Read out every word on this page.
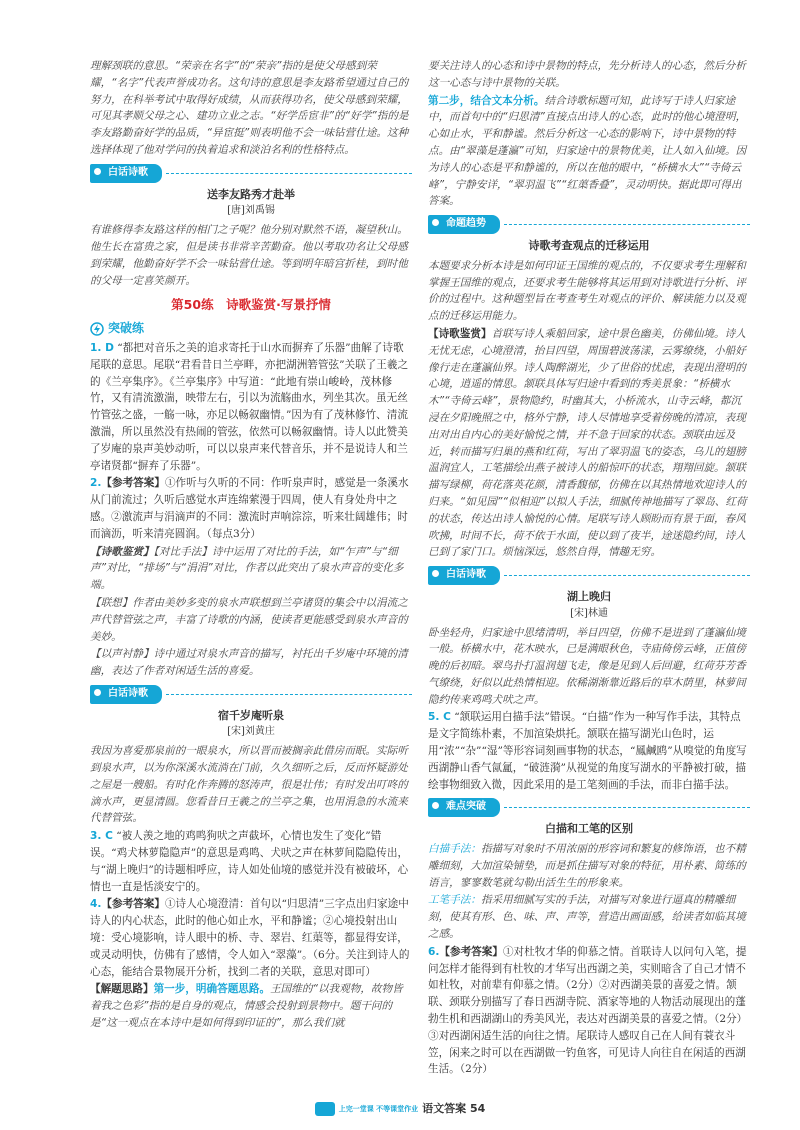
理解颈联的意思。“荣亲在名字”的“荣亲”指的是使父母感到荣耀，“名字”代表声誉成功名。这句诗的意思是李友路希望通过自己的努力，在科举考试中取得好成绩，从而获得功名，使父母感到荣耀，可见其孝顺父母之心、建功立业之志。“好学岳宦非”的“好学”指的是李友路勤奋好学的品质，“异宦挺”则表明他不会一味钻营仕途。这种选择体现了他对学问的执着追求和淡泊名利的性格特点。

白话诗歌
送李友路秀才赴举
[唐]刘禹锡

有谁修得李友路这样的相门之子呢？他分别对默然不语，凝望秋山。他生长在富贵之家，但是读书非常辛苦勤奋。他以考取功名让父母感到荣耀，他勤奋好学不会一味钻营仕途。等到明年暗宫折桂，到时他的父母一定喜笑颜开。

第50练　诗歌鉴赏·写景抒情
突破练

1. D “都把对音乐之美的追求寄托于山水而摒弃了乐器”曲解了诗歌尾联的意思。尾联“君看昔日兰亭畔，亦把湖洲箬管弦”关联了王羲之的《兰亭集序》。《兰亭集序》中写道：“此地有崇山峻岭，茂林修竹，又有清流激湍，映带左右，引以为流觞曲水，列坐其次。虽无丝竹管弦之盛，一觞一咏，亦足以畅叙幽情。”因为有了茂林修竹、清流激湍，所以虽然没有热闹的管弦，依然可以畅叙幽情。诗人以此赞美了岁庵的泉声美妙动听，可以以泉声来代替音乐，并不是说诗人和兰亭诸贤都“摒弃了乐器”。

2.【参考答案】①作听与久听的不同：作听泉声时，感觉是一条溪水从门前流过；久听后感觉水声连绵萦漫于四周，使人有身处舟中之感。②激流声与涓滴声的不同：激流时声响淙淙，听来壮阔雄伟；时而滴沥，听来清亮圆润。（每点3分）

【诗歌鉴赏】【对比手法】诗中运用了对比的手法，如“乍声”与“细声”对比，“排场”与“涓涓”对比，作者以此突出了泉水声音的变化多端。

【联想】作者由美妙多变的泉水声联想到兰亭诸贤的集会中以涓流之声代替管弦之声，丰富了诗歌的内涵，使读者更能感受到泉水声音的美妙。

【以声衬静】诗中通过对泉水声音的描写，衬托出千岁庵中环境的清幽，表达了作者对闲适生活的喜爱。

白话诗歌
宿千岁庵听泉
[宋]刘黄庄

我因为喜爱那泉前的一眼泉水，所以晋而被搁亲此借房而眠。实际听到泉水声，以为你深溪水流淌在门前，久久细听之后，反而怀疑游处之屋是一艘船。有时化作奔腾的怒涛声，很是壮伟；有时发出叮咚的滴水声，更显清圆。您看昔日王羲之的兰亭之集，也用涓急的水流来代替管弦。

3. C “被人羡之地的鸡鸣狗吠之声截坏，心情也发生了变化”错误。“鸡犬林萝隐隐声”的意思是鸡鸣、犬吠之声在林萝间隐隐传出，与“湖上晚归”的诗题相呼应，诗人如处仙境的感觉并没有被破坏，心情也一直是恬淡安宁的。

4.【参考答案】①诗人心境澄清：首句以“归思清”三字点出归家途中诗人的内心状态，此时的他心如止水，平和静谧；②心境投射出山境：受心境影响，诗人眼中的桥、寺、翠岩、红蕖等，都显得安详，或灵动明快，仿佛有了感情，令人如入“翠藻”。（6分。关注到诗人的心态，能结合景物展开分析，找到二者的关联，意思对即可）

【解题思路】第一步，明确答题思路。王国维的“以我观物，故物皆着我之色彩”指的是自身的观点，情感会投射到景物中。题干问的是“这一观点在本诗中是如何得到印证的”，那么我们就

要关注诗人的心态和诗中景物的特点，先分析诗人的心态，然后分析这一心态与诗中景物的关联。

第二步，结合文本分析。结合诗歌标题可知，此诗写于诗人归家途中，而首句中的“归思清”直接点出诗人的心态，此时的他心境澄明，心如止水，平和静谧。然后分析这一心态的影响下，诗中景物的特点。由“翠藻是蓬瀛”可知，归家途中的景物优美，让人如入仙境。因为诗人的心态是平和静谧的，所以在他的眼中，“桥横水大”“寺倚云峰”，宁静安详，“翠羽温飞”“红蕖香叠”，灵动明快。据此即可得出答案。

命题趋势
诗歌考查观点的迁移运用

本题要求分析本诗是如何印证王国维的观点的，不仅要求考生理解和掌握王国维的观点，还要求考生能够将其运用到对诗歌进行分析、评价的过程中。这种题型旨在考查考生对观点的评价、解读能力以及观点的迁移运用能力。

【诗歌鉴赏】首联写诗人乘船回家，途中景色幽美，仿佛仙境。诗人无忧无虑，心境澄清，抬目四望，周围碧波荡漾，云雾缭绕，小船好像行走在蓬瀛仙界。诗人陶醉湖光，少了世俗的忧虑，表现出澄明的心境，逍遥的情思。颔联具体写归途中看到的秀美景象：“桥横水木”“寺倚云峰”，景物隐约，时幽其大，小桥流水，山寺云峰，都沉浸在夕阳晚照之中，格外宁静，诗人尽情地享受着傍晚的清凉，表现出对出自内心的美好愉悦之情，并不急于回家的状态。颈联由远及近，转而描写归巢的燕和红荷，写出了翠羽温飞的姿态，乌儿的翅膀温润宜人，工笔描绘出燕子被诗人的船惊吓的状态，翔翔回旋。颔联描写绿柳，荷花落英花颜，清香馥郁，仿佛在以其热情地欢迎诗人的归来。“如见园”“似相迎”以拟人手法，细腻传神地描写了翠岛、红荷的状态，传达出诗人愉悦的心情。尾联写诗人顾盼而有景于面，春风吹拂，时间不长，荷不依于水面，使以到了夜半，途迷隐约间，诗人已到了家门口。烦恼深远，悠然自得，情趣无穷。

白话诗歌
湖上晚归
[宋]林逋

卧坐轻舟，归家途中思绪清明，举目四望，仿佛不是进到了蓬瀛仙境一般。桥横水中，花木映水，已是满眼秋色，寺庙倚傍云峰，正值傍晚的后初暗。翠鸟扑打温润翅飞走，像是见到人后回避，红荷芬芳香气缭绕，好似以此热情相迎。依稀湖渐靠近路后的草木荫里，林萝间隐约传来鸡鸣犬吠之声。

5. C “颔联运用白描手法”错误。“白描”作为一种写作手法，其特点是文字简练朴素，不加渲染烘托。颔联在描写湖光山色时，运用“浓”“杂”“湿”等形容词刻画事物的状态，“鳳鹹鸥”从嗅觉的角度写西湖静山香气氤氲，“破涟漪”从视觉的角度写湖水的平静被打破，描绘事物细致入微，因此采用的是工笔刻画的手法，而非白描手法。

难点突破
白描和工笔的区别

白描手法：指描写对象时不用浓丽的形容词和繁复的修饰语，也不精雕细刻，大加渲染铺垫，而是抓住描写对象的特征，用朴素、简练的语言，寥寥数笔就勾勒出活生生的形象来。

工笔手法：指采用细腻写实的手法，对描写对象进行逼真的精雕细刻，使其有形、色、味、声、声等，营造出画面感，给读者如临其境之感。

6.【参考答案】①对杜牧才华的仰慕之情。首联诗人以问句入笔，提问怎样才能得到有杜牧的才华写出西湖之美，实则暗含了自己才情不如杜牧，对前辈有仰慕之情。（2分）②对西湖美景的喜爱之情。颔联、颈联分别描写了春日西湖寺院、酒家等地的人物活动展现出的蓬勃生机和西湖湖山的秀美风光，表达对西湖美景的喜爱之情。（2分）③对西湖闲适生活的向往之情。尾联诗人感叹自己在人间有蓑衣斗笠，闲来之时可以在西湖做一钓鱼客，可见诗人向往自在闲适的西湖生活。（2分）

上完一堂课 不等课堂作业 语文答案 54
